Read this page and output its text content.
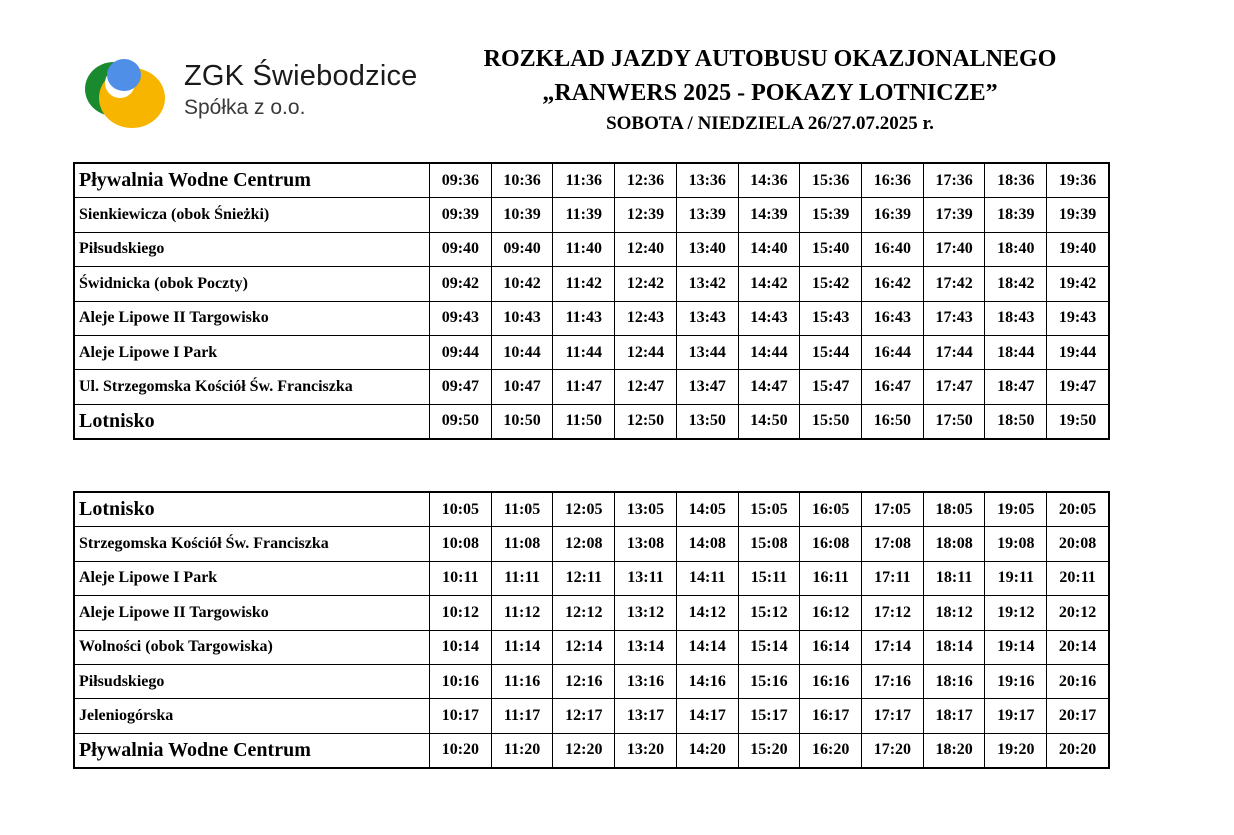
ZGK Świebodzice
Spółka z o.o.
ROZKŁAD JAZDY AUTOBUSU OKAZJONALNEGO
„RANWERS 2025 - POKAZY LOTNICZE”
SOBOTA / NIEDZIELA 26/27.07.2025 r.
Pływalnia Wodne Centrum	09:36	10:36	11:36	12:36	13:36	14:36	15:36	16:36	17:36	18:36	19:36
Sienkiewicza (obok Śnieżki)	09:39	10:39	11:39	12:39	13:39	14:39	15:39	16:39	17:39	18:39	19:39
Piłsudskiego	09:40	09:40	11:40	12:40	13:40	14:40	15:40	16:40	17:40	18:40	19:40
Świdnicka (obok Poczty)	09:42	10:42	11:42	12:42	13:42	14:42	15:42	16:42	17:42	18:42	19:42
Aleje Lipowe II Targowisko	09:43	10:43	11:43	12:43	13:43	14:43	15:43	16:43	17:43	18:43	19:43
Aleje Lipowe I Park	09:44	10:44	11:44	12:44	13:44	14:44	15:44	16:44	17:44	18:44	19:44
Ul. Strzegomska Kościół Św. Franciszka	09:47	10:47	11:47	12:47	13:47	14:47	15:47	16:47	17:47	18:47	19:47
Lotnisko	09:50	10:50	11:50	12:50	13:50	14:50	15:50	16:50	17:50	18:50	19:50
Lotnisko	10:05	11:05	12:05	13:05	14:05	15:05	16:05	17:05	18:05	19:05	20:05
Strzegomska Kościół Św. Franciszka	10:08	11:08	12:08	13:08	14:08	15:08	16:08	17:08	18:08	19:08	20:08
Aleje Lipowe I Park	10:11	11:11	12:11	13:11	14:11	15:11	16:11	17:11	18:11	19:11	20:11
Aleje Lipowe II Targowisko	10:12	11:12	12:12	13:12	14:12	15:12	16:12	17:12	18:12	19:12	20:12
Wolności (obok Targowiska)	10:14	11:14	12:14	13:14	14:14	15:14	16:14	17:14	18:14	19:14	20:14
Piłsudskiego	10:16	11:16	12:16	13:16	14:16	15:16	16:16	17:16	18:16	19:16	20:16
Jeleniogórska	10:17	11:17	12:17	13:17	14:17	15:17	16:17	17:17	18:17	19:17	20:17
Pływalnia Wodne Centrum	10:20	11:20	12:20	13:20	14:20	15:20	16:20	17:20	18:20	19:20	20:20
